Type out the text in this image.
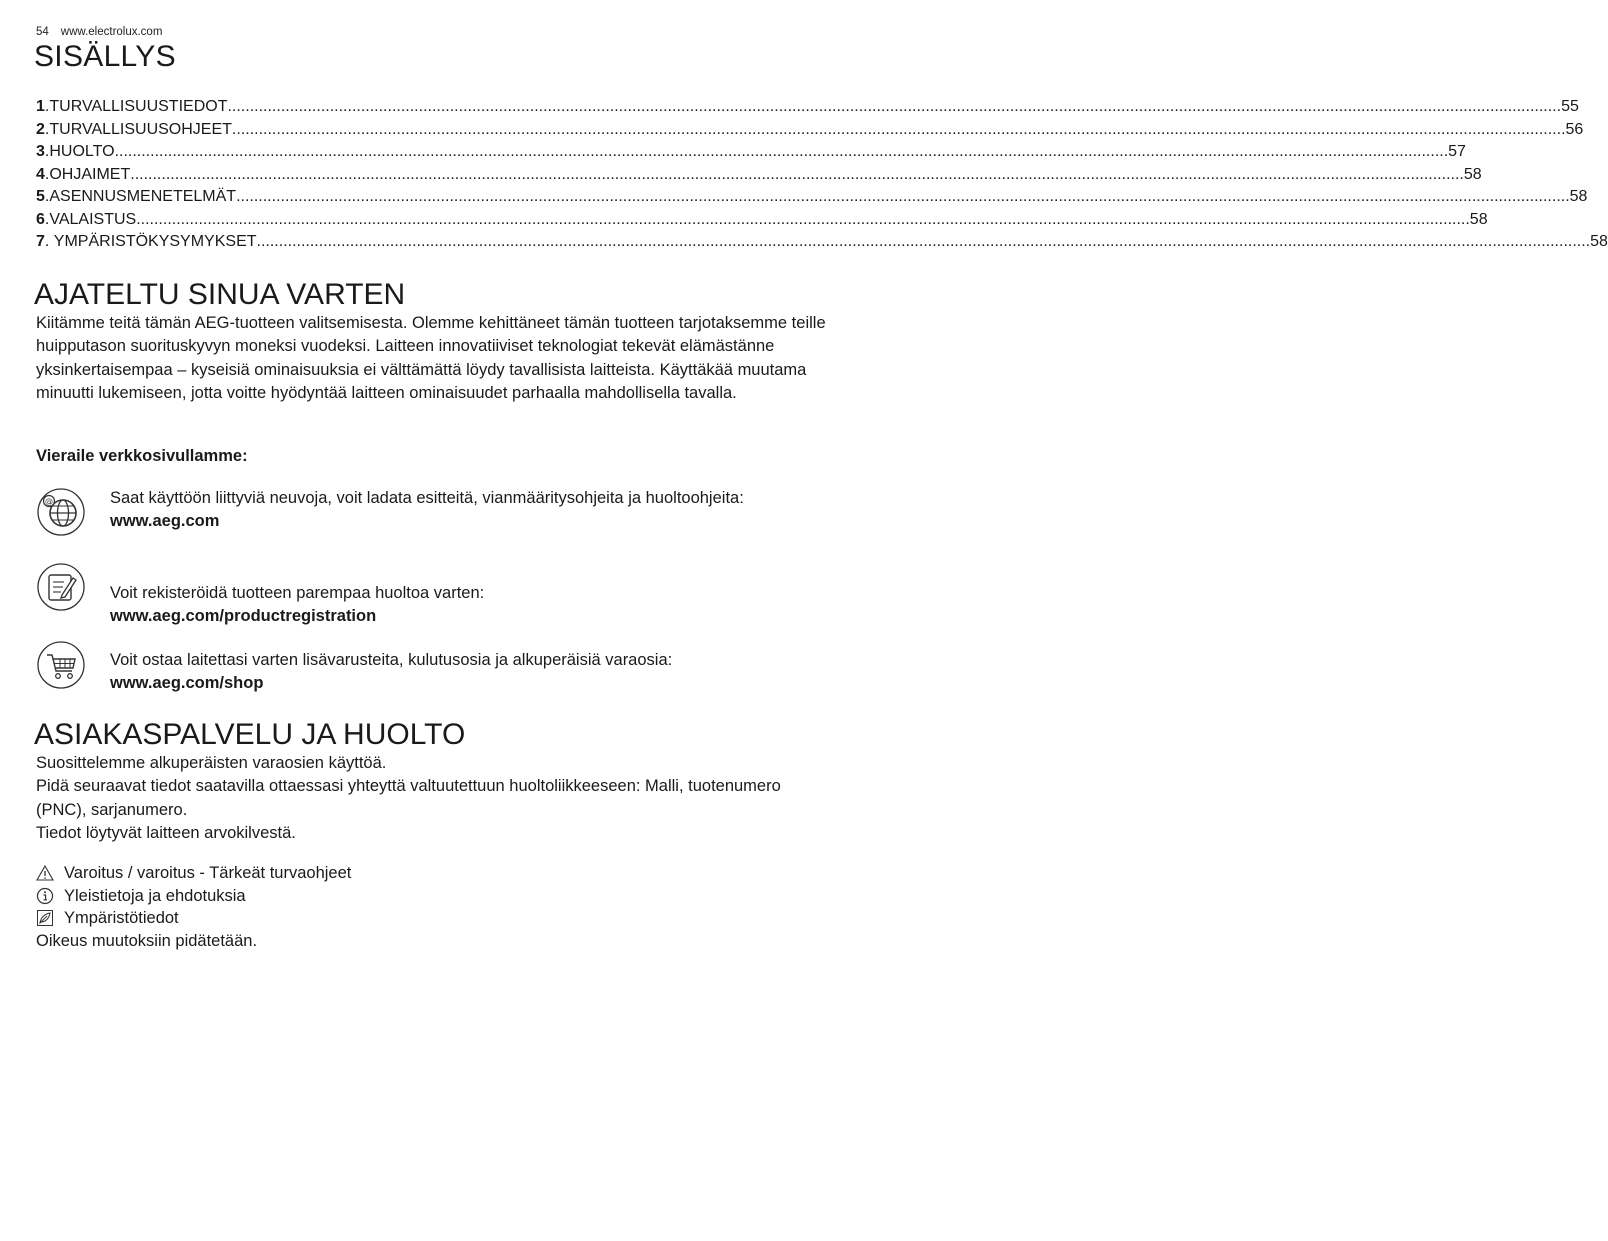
54 www.electrolux.com
SISÄLLYS
1 . TURVALLISUUSTIEDOT ............................................................................................................................................................................................................................................................................................................ 55
2 . TURVALLISUUSOHJEET ............................................................................................................................................................................................................................................................................................................ 56
3 . HUOLTO ............................................................................................................................................................................................................................................................................................................ 57
4 . OHJAIMET ............................................................................................................................................................................................................................................................................................................ 58
5 . ASENNUSMENETELMÄT ............................................................................................................................................................................................................................................................................................................ 58
6 . VALAISTUS ............................................................................................................................................................................................................................................................................................................ 58
7 . YMPÄRISTÖKYSYMYKSET ............................................................................................................................................................................................................................................................................................................ 58
AJATELTU SINUA VARTEN

Kiitämme teitä tämän AEG-tuotteen valitsemisesta. Olemme kehittäneet tämän tuotteen tarjotaksemme teille huipputason suorituskyvyn moneksi vuodeksi. Laitteen innovatiiviset teknologiat tekevät elämästänne yksinkertaisempaa – kyseisiä ominaisuuksia ei välttämättä löydy tavallisista laitteista. Käyttäkää muutama minuutti lukemiseen, jotta voitte hyödyntää laitteen ominaisuudet parhaalla mahdollisella tavalla.

Vieraile verkkosivullamme:

@	Saat käyttöön liittyviä neuvoja, voit ladata esitteitä, vianmääritysohjeita ja huoltoohjeita:
www.aeg.com
Voit rekisteröidä tuotteen parempaa huoltoa varten:
www.aeg.com/productregistration
Voit ostaa laitettasi varten lisävarusteita, kulutusosia ja alkuperäisiä varaosia:
www.aeg.com/shop
ASIAKASPALVELU JA HUOLTO

Suosittelemme alkuperäisten varaosien käyttöä.

Pidä seuraavat tiedot saatavilla ottaessasi yhteyttä valtuutettuun huoltoliikkeeseen: Malli, tuotenumero (PNC), sarjanumero.

Tiedot löytyvät laitteen arvokilvestä.

Varoitus / varoitus - Tärkeät turvaohjeet
Yleistietoja ja ehdotuksia
Ympäristötiedot
Oikeus muutoksiin pidätetään.
